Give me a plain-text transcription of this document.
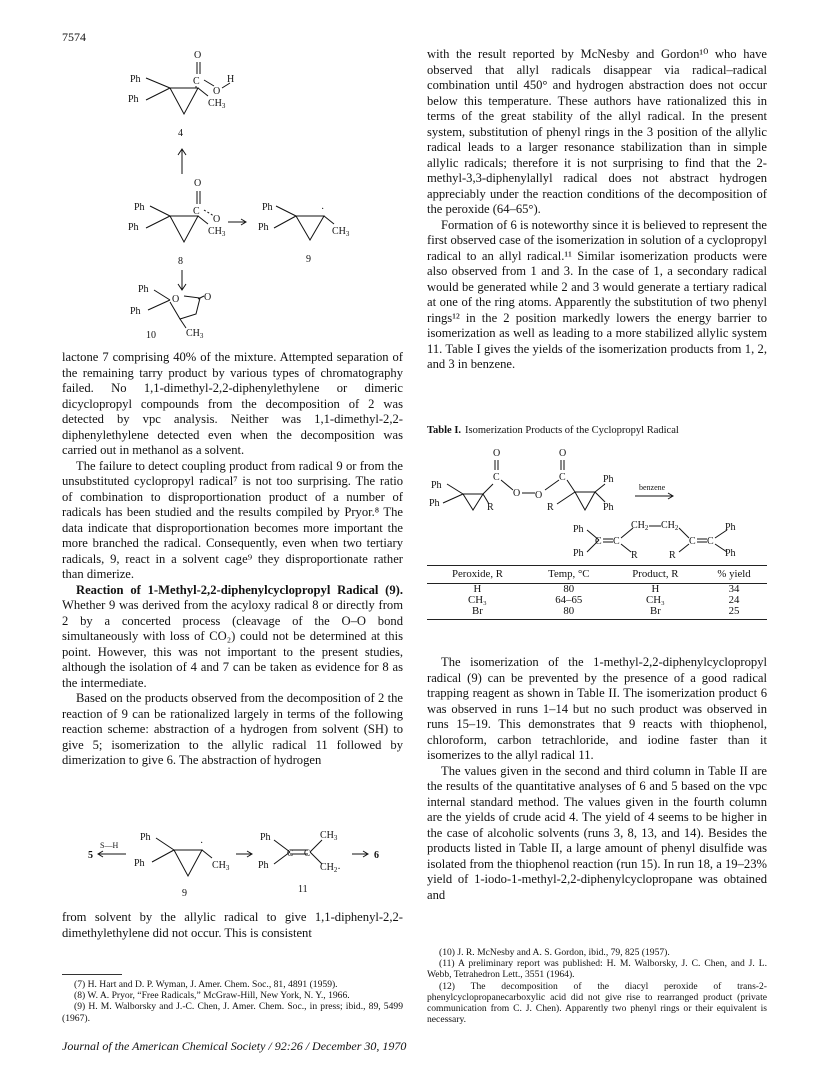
7574
O
C
O
H
Ph
Ph	$CH_3$
4
O
C
O
Ph
Ph	$CH_3$
8
Ph
Ph
·
$CH_3$
9
Ph
Ph
O O
$CH_3$
10

lactone 7 comprising 40% of the mixture. Attempted separation of the remaining tarry product by various types of chromatography failed. No 1,1-dimethyl-2,2-diphenylethylene or dimeric dicyclopropyl compounds from the decomposition of 2 was detected by vpc analysis. Neither was 1,1-dimethyl-2,2-diphenylethylene detected even when the decomposition was carried out in methanol as a solvent.

The failure to detect coupling product from radical 9 or from the unsubstituted cyclopropyl radical⁷ is not too surprising. The ratio of combination to disproportionation product of a number of radicals has been studied and the results compiled by Pryor.⁸ The data indicate that disproportionation becomes more important the more branched the radical. Consequently, even when two tertiary radicals, 9, react in a solvent cage⁹ they disproportionate rather than dimerize.

Reaction of 1-Methyl-2,2-diphenylcyclopropyl Radical (9). Whether 9 was derived from the acyloxy radical 8 or directly from 2 by a concerted process (cleavage of the O–O bond simultaneously with loss of CO₂) could not be determined at this point. However, this was not important to the present studies, although the isolation of 4 and 7 can be taken as evidence for 8 as the intermediate.

Based on the products observed from the decomposition of 2 the reaction of 9 can be rationalized largely in terms of the following reaction scheme: abstraction of a hydrogen from solvent (SH) to give 5; isomerization to the allylic radical 11 followed by dimerization to give 6. The abstraction of hydrogen

5
S—H
Ph
Ph
·
$CH_3$
9
Ph
Ph
C C
$CH_3$
$CH_2\cdot$
11
6

from solvent by the allylic radical to give 1,1-diphenyl-2,2-dimethylethylene did not occur. This is consistent

(7) H. Hart and D. P. Wyman, J. Amer. Chem. Soc., 81, 4891 (1959).

(8) W. A. Pryor, “Free Radicals,” McGraw-Hill, New York, N. Y., 1966.

(9) H. M. Walborsky and J.-C. Chen, J. Amer. Chem. Soc., in press; ibid., 89, 5499 (1967).

with the result reported by McNesby and Gordon¹⁰ who have observed that allyl radicals disappear via radical–radical combination until 450° and hydrogen abstraction does not occur below this temperature. These authors have rationalized this in terms of the great stability of the allyl radical. In the present system, substitution of phenyl rings in the 3 position of the allylic radical leads to a larger resonance stabilization than in simple allylic radicals; therefore it is not surprising to find that the 2-methyl-3,3-diphenylallyl radical does not abstract hydrogen appreciably under the reaction conditions of the decomposition of the peroxide (64–65°).

Formation of 6 is noteworthy since it is believed to represent the first observed case of the isomerization in solution of a cyclopropyl radical to an allyl radical.¹¹ Similar isomerization products were also observed from 1 and 3. In the case of 1, a secondary radical would be generated while 2 and 3 would generate a tertiary radical at one of the ring atoms. Apparently the substitution of two phenyl rings¹² in the 2 position markedly lowers the energy barrier to isomerization as well as leading to a more stabilized allylic system 11. Table I gives the yields of the isomerization products from 1, 2, and 3 in benzene.

Table I. Isomerization Products of the Cyclopropyl Radical
O
C
O
C
Ph
Ph	R
O O
R
Ph
Ph
benzene
Ph
Ph
C C
$CH_2$ $CH_2$
R
C C
R
Ph
Ph
Peroxide, R	Temp, °C	Product, R	% yield
H	80	H	34
CH₃	64–65	CH₃	24
Br	80	Br	25

The isomerization of the 1-methyl-2,2-diphenylcyclopropyl radical (9) can be prevented by the presence of a good radical trapping reagent as shown in Table II. The isomerization product 6 was observed in runs 1–14 but no such product was observed in runs 15–19. This demonstrates that 9 reacts with thiophenol, chloroform, carbon tetrachloride, and iodine faster than it isomerizes to the allyl radical 11.

The values given in the second and third column in Table II are the results of the quantitative analyses of 6 and 5 based on the vpc internal standard method. The values given in the fourth column are the yields of crude acid 4. The yield of 4 seems to be higher in the case of alcoholic solvents (runs 3, 8, 13, and 14). Besides the products listed in Table II, a large amount of phenyl disulfide was isolated from the thiophenol reaction (run 15). In run 18, a 19–23% yield of 1-iodo-1-methyl-2,2-diphenylcyclopropane was obtained and

(10) J. R. McNesby and A. S. Gordon, ibid., 79, 825 (1957).

(11) A preliminary report was published: H. M. Walborsky, J. C. Chen, and J. L. Webb, Tetrahedron Lett., 3551 (1964).

(12) The decomposition of the diacyl peroxide of trans-2-phenylcyclopropanecarboxylic acid did not give rise to rearranged product (private communication from C. J. Chen). Apparently two phenyl rings or their equivalent is necessary.

Journal of the American Chemical Society / 92:26 / December 30, 1970
